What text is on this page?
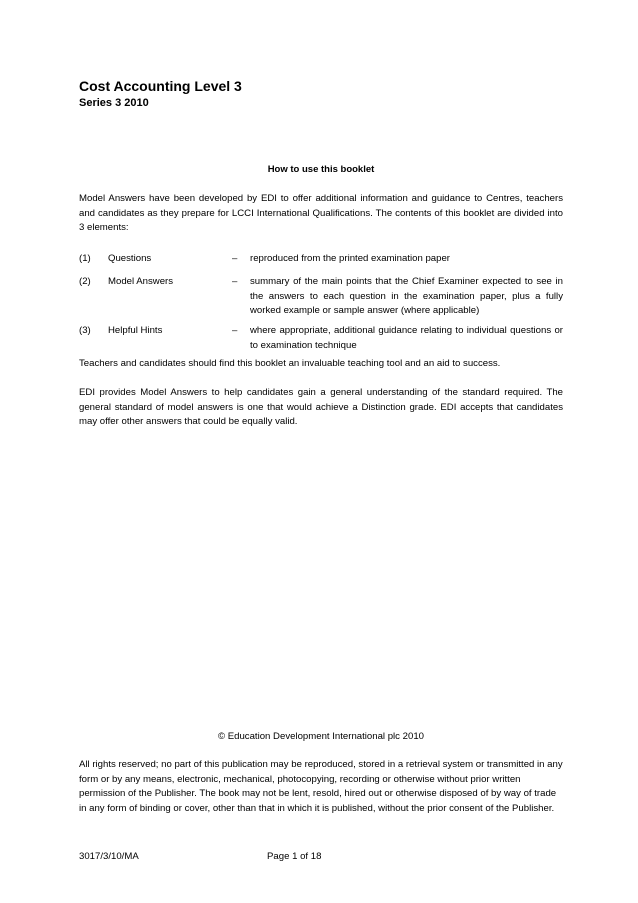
Cost Accounting Level 3
Series 3 2010
How to use this booklet

Model Answers have been developed by EDI to offer additional information and guidance to Centres, teachers and candidates as they prepare for LCCI International Qualifications. The contents of this booklet are divided into 3 elements:

(1) Questions	– reproduced from the printed examination paper
(2) Model Answers	– summary of the main points that the Chief Examiner expected to see in the answers to each question in the examination paper, plus a fully worked example or sample answer (where applicable)
(3) Helpful Hints	– where appropriate, additional guidance relating to individual questions or to examination technique

Teachers and candidates should find this booklet an invaluable teaching tool and an aid to success.

EDI provides Model Answers to help candidates gain a general understanding of the standard required. The general standard of model answers is one that would achieve a Distinction grade. EDI accepts that candidates may offer other answers that could be equally valid.

© Education Development International plc 2010

All rights reserved; no part of this publication may be reproduced, stored in a retrieval system or transmitted in any form or by any means, electronic, mechanical, photocopying, recording or otherwise without prior written permission of the Publisher. The book may not be lent, resold, hired out or otherwise disposed of by way of trade in any form of binding or cover, other than that in which it is published, without the prior consent of the Publisher.

3017/3/10/MA	Page 1 of 18
